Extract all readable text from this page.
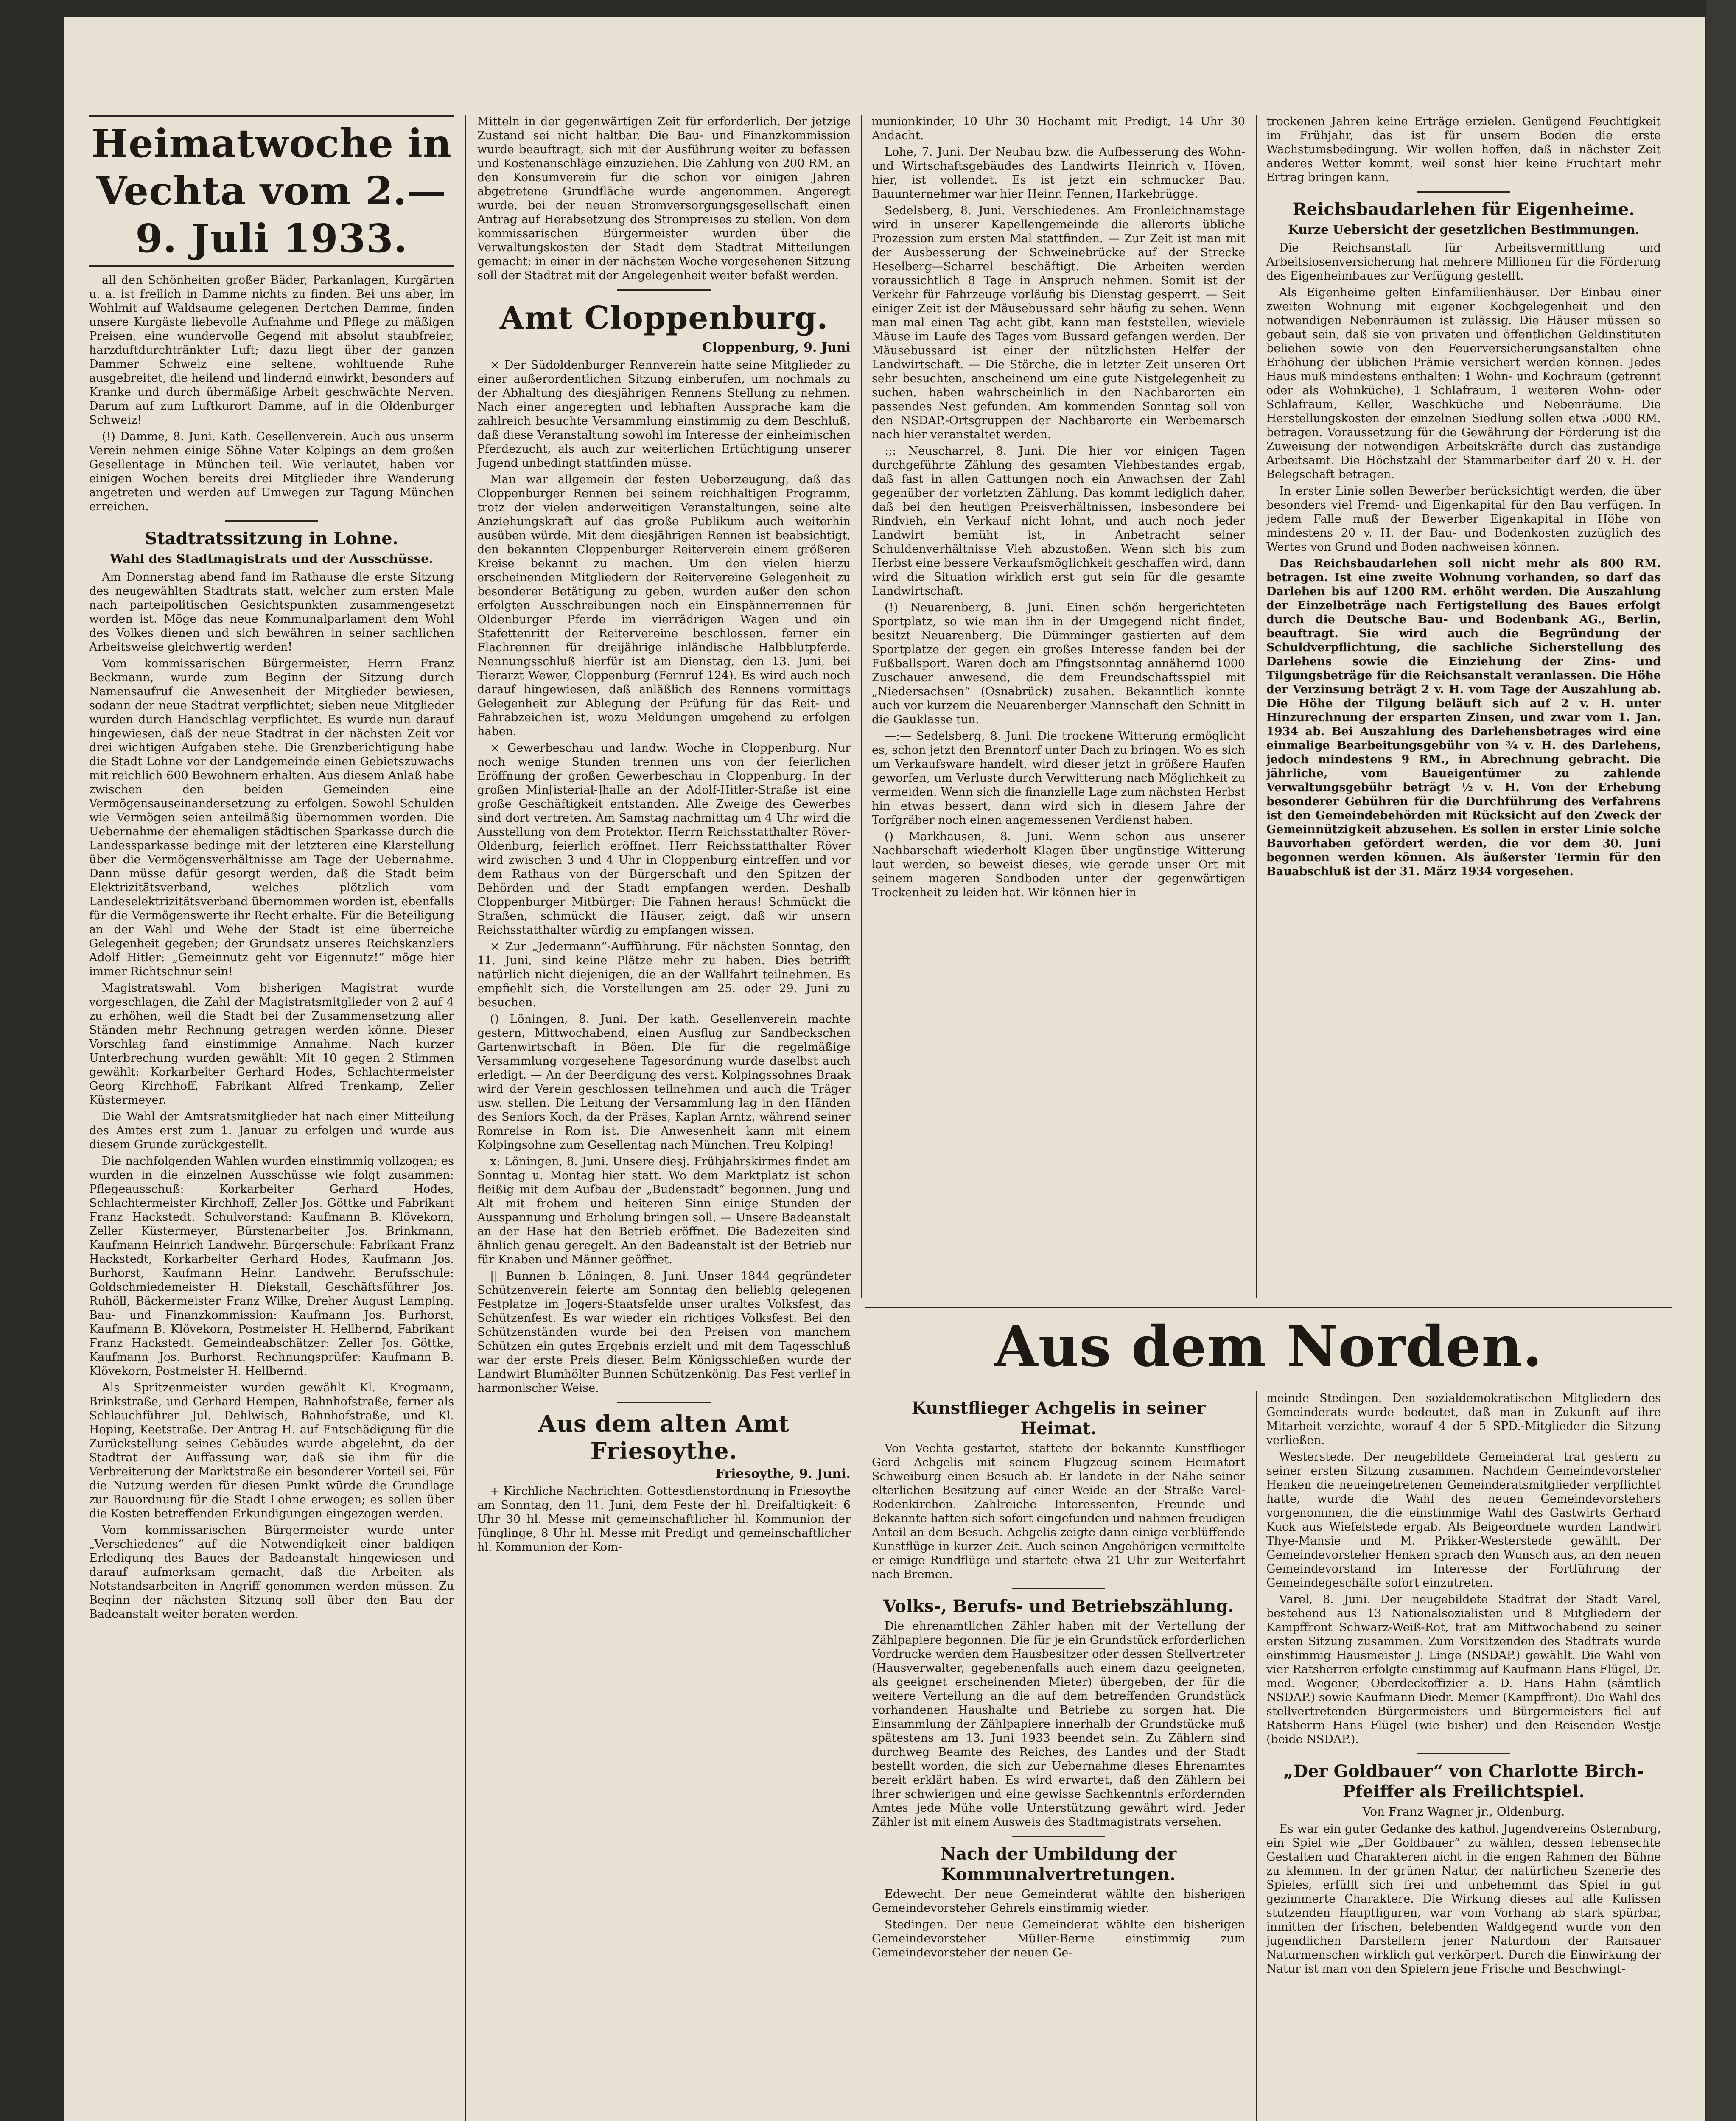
Heimatwoche in Vechta vom 2.—9. Juli 1933.

all den Schönheiten großer Bäder, Parkanlagen, Kurgärten u. a. ist freilich in Damme nichts zu finden. Bei uns aber, im Wohlmit auf Waldsaume gelegenen Dertchen Damme, finden unsere Kurgäste liebevolle Aufnahme und Pflege zu mäßigen Preisen, eine wundervolle Gegend mit absolut staubfreier, harzduftdurchtränkter Luft; dazu liegt über der ganzen Dammer Schweiz eine seltene, wohltuende Ruhe ausgebreitet, die heilend und lindernd einwirkt, besonders auf Kranke und durch übermäßige Arbeit geschwächte Nerven. Darum auf zum Luftkurort Damme, auf in die Oldenburger Schweiz!

(!) Damme, 8. Juni. Kath. Gesellenverein. Auch aus unserm Verein nehmen einige Söhne Vater Kolpings an dem großen Gesellentage in München teil. Wie verlautet, haben vor einigen Wochen bereits drei Mitglieder ihre Wanderung angetreten und werden auf Umwegen zur Tagung München erreichen.

Stadtratssitzung in Lohne.
Wahl des Stadtmagistrats und der Ausschüsse.

Am Donnerstag abend fand im Rathause die erste Sitzung des neugewählten Stadtrats statt, welcher zum ersten Male nach parteipolitischen Gesichtspunkten zusammengesetzt worden ist. Möge das neue Kommunalparlament dem Wohl des Volkes dienen und sich bewähren in seiner sachlichen Arbeitsweise gleichwertig werden!

Vom kommissarischen Bürgermeister, Herrn Franz Beckmann, wurde zum Beginn der Sitzung durch Namensaufruf die Anwesenheit der Mitglieder bewiesen, sodann der neue Stadtrat verpflichtet; sieben neue Mitglieder wurden durch Handschlag verpflichtet. Es wurde nun darauf hingewiesen, daß der neue Stadtrat in der nächsten Zeit vor drei wichtigen Aufgaben stehe. Die Grenzberichtigung habe die Stadt Lohne vor der Landgemeinde einen Gebietszuwachs mit reichlich 600 Bewohnern erhalten. Aus diesem Anlaß habe zwischen den beiden Gemeinden eine Vermögensauseinandersetzung zu erfolgen. Sowohl Schulden wie Vermögen seien anteilmäßig übernommen worden. Die Uebernahme der ehemaligen städtischen Sparkasse durch die Landessparkasse bedinge mit der letzteren eine Klarstellung über die Vermögensverhältnisse am Tage der Uebernahme. Dann müsse dafür gesorgt werden, daß die Stadt beim Elektrizitätsverband, welches plötzlich vom Landeselektrizitätsverband übernommen worden ist, ebenfalls für die Vermögenswerte ihr Recht erhalte. Für die Beteiligung an der Wahl und Wehe der Stadt ist eine überreiche Gelegenheit gegeben; der Grundsatz unseres Reichskanzlers Adolf Hitler: „Gemeinnutz geht vor Eigennutz!“ möge hier immer Richtschnur sein!

Magistratswahl. Vom bisherigen Magistrat wurde vorgeschlagen, die Zahl der Magistratsmitglieder von 2 auf 4 zu erhöhen, weil die Stadt bei der Zusammensetzung aller Ständen mehr Rechnung getragen werden könne. Dieser Vorschlag fand einstimmige Annahme. Nach kurzer Unterbrechung wurden gewählt: Mit 10 gegen 2 Stimmen gewählt: Korkarbeiter Gerhard Hodes, Schlachtermeister Georg Kirchhoff, Fabrikant Alfred Trenkamp, Zeller Küstermeyer.

Die Wahl der Amtsratsmitglieder hat nach einer Mitteilung des Amtes erst zum 1. Januar zu erfolgen und wurde aus diesem Grunde zurückgestellt.

Die nachfolgenden Wahlen wurden einstimmig vollzogen; es wurden in die einzelnen Ausschüsse wie folgt zusammen: Pflegeausschuß: Korkarbeiter Gerhard Hodes, Schlachtermeister Kirchhoff, Zeller Jos. Göttke und Fabrikant Franz Hackstedt. Schulvorstand: Kaufmann B. Klövekorn, Zeller Küstermeyer, Bürstenarbeiter Jos. Brinkmann, Kaufmann Heinrich Landwehr. Bürgerschule: Fabrikant Franz Hackstedt, Korkarbeiter Gerhard Hodes, Kaufmann Jos. Burhorst, Kaufmann Heinr. Landwehr. Berufsschule: Goldschmiedemeister H. Diekstall, Geschäftsführer Jos. Ruhöll, Bäckermeister Franz Wilke, Dreher August Lamping. Bau- und Finanzkommission: Kaufmann Jos. Burhorst, Kaufmann B. Klövekorn, Postmeister H. Hellbernd, Fabrikant Franz Hackstedt. Gemeindeabschätzer: Zeller Jos. Göttke, Kaufmann Jos. Burhorst. Rechnungsprüfer: Kaufmann B. Klövekorn, Postmeister H. Hellbernd.

Als Spritzenmeister wurden gewählt Kl. Krogmann, Brinkstraße, und Gerhard Hempen, Bahnhofstraße, ferner als Schlauchführer Jul. Dehlwisch, Bahnhofstraße, und Kl. Hoping, Keetstraße. Der Antrag H. auf Entschädigung für die Zurückstellung seines Gebäudes wurde abgelehnt, da der Stadtrat der Auffassung war, daß sie ihm für die Verbreiterung der Marktstraße ein besonderer Vorteil sei. Für die Nutzung werden für diesen Punkt würde die Grundlage zur Bauordnung für die Stadt Lohne erwogen; es sollen über die Kosten betreffenden Erkundigungen eingezogen werden.

Vom kommissarischen Bürgermeister wurde unter „Verschiedenes“ auf die Notwendigkeit einer baldigen Erledigung des Baues der Badeanstalt hingewiesen und darauf aufmerksam gemacht, daß die Arbeiten als Notstandsarbeiten in Angriff genommen werden müssen. Zu Beginn der nächsten Sitzung soll über den Bau der Badeanstalt weiter beraten werden.

Mitteln in der gegenwärtigen Zeit für erforderlich. Der jetzige Zustand sei nicht haltbar. Die Bau- und Finanzkommission wurde beauftragt, sich mit der Ausführung weiter zu befassen und Kostenanschläge einzuziehen. Die Zahlung von 200 RM. an den Konsumverein für die schon vor einigen Jahren abgetretene Grundfläche wurde angenommen. Angeregt wurde, bei der neuen Stromversorgungsgesellschaft einen Antrag auf Herabsetzung des Strompreises zu stellen. Von dem kommissarischen Bürgermeister wurden über die Verwaltungskosten der Stadt dem Stadtrat Mitteilungen gemacht; in einer in der nächsten Woche vorgesehenen Sitzung soll der Stadtrat mit der Angelegenheit weiter befaßt werden.

Amt Cloppenburg.
Cloppenburg, 9. Juni

× Der Südoldenburger Rennverein hatte seine Mitglieder zu einer außerordentlichen Sitzung einberufen, um nochmals zu der Abhaltung des diesjährigen Rennens Stellung zu nehmen. Nach einer angeregten und lebhaften Aussprache kam die zahlreich besuchte Versammlung einstimmig zu dem Beschluß, daß diese Veranstaltung sowohl im Interesse der einheimischen Pferdezucht, als auch zur weiterlichen Ertüchtigung unserer Jugend unbedingt stattfinden müsse.

Man war allgemein der festen Ueberzeugung, daß das Cloppenburger Rennen bei seinem reichhaltigen Programm, trotz der vielen anderweitigen Veranstaltungen, seine alte Anziehungskraft auf das große Publikum auch weiterhin ausüben würde. Mit dem diesjährigen Rennen ist beabsichtigt, den bekannten Cloppenburger Reiterverein einem größeren Kreise bekannt zu machen. Um den vielen hierzu erscheinenden Mitgliedern der Reitervereine Gelegenheit zu besonderer Betätigung zu geben, wurden außer den schon erfolgten Ausschreibungen noch ein Einspännerrennen für Oldenburger Pferde im vierrädrigen Wagen und ein Stafettenritt der Reitervereine beschlossen, ferner ein Flachrennen für dreijährige inländische Halbblutpferde. Nennungsschluß hierfür ist am Dienstag, den 13. Juni, bei Tierarzt Wewer, Cloppenburg (Fernruf 124). Es wird auch noch darauf hingewiesen, daß anläßlich des Rennens vormittags Gelegenheit zur Ablegung der Prüfung für das Reit- und Fahrabzeichen ist, wozu Meldungen umgehend zu erfolgen haben.

× Gewerbeschau und landw. Woche in Cloppenburg. Nur noch wenige Stunden trennen uns von der feierlichen Eröffnung der großen Gewerbeschau in Cloppenburg. In der großen Min[isterial-]halle an der Adolf-Hitler-Straße ist eine große Geschäftigkeit entstanden. Alle Zweige des Gewerbes sind dort vertreten. Am Samstag nachmittag um 4 Uhr wird die Ausstellung von dem Protektor, Herrn Reichsstatthalter Röver-Oldenburg, feierlich eröffnet. Herr Reichsstatthalter Röver wird zwischen 3 und 4 Uhr in Cloppenburg eintreffen und vor dem Rathaus von der Bürgerschaft und den Spitzen der Behörden und der Stadt empfangen werden. Deshalb Cloppenburger Mitbürger: Die Fahnen heraus! Schmückt die Straßen, schmückt die Häuser, zeigt, daß wir unsern Reichsstatthalter würdig zu empfangen wissen.

× Zur „Jedermann“-Aufführung. Für nächsten Sonntag, den 11. Juni, sind keine Plätze mehr zu haben. Dies betrifft natürlich nicht diejenigen, die an der Wallfahrt teilnehmen. Es empfiehlt sich, die Vorstellungen am 25. oder 29. Juni zu besuchen.

() Löningen, 8. Juni. Der kath. Gesellenverein machte gestern, Mittwochabend, einen Ausflug zur Sandbeckschen Gartenwirtschaft in Böen. Die für die regelmäßige Versammlung vorgesehene Tagesordnung wurde daselbst auch erledigt. — An der Beerdigung des verst. Kolpingssohnes Braak wird der Verein geschlossen teilnehmen und auch die Träger usw. stellen. Die Leitung der Versammlung lag in den Händen des Seniors Koch, da der Präses, Kaplan Arntz, während seiner Romreise in Rom ist. Die Anwesenheit kann mit einem Kolpingsohne zum Gesellentag nach München. Treu Kolping!

x: Löningen, 8. Juni. Unsere diesj. Frühjahrskirmes findet am Sonntag u. Montag hier statt. Wo dem Marktplatz ist schon fleißig mit dem Aufbau der „Budenstadt“ begonnen. Jung und Alt mit frohem und heiteren Sinn einige Stunden der Ausspannung und Erholung bringen soll. — Unsere Badeanstalt an der Hase hat den Betrieb eröffnet. Die Badezeiten sind ähnlich genau geregelt. An den Badeanstalt ist der Betrieb nur für Knaben und Männer geöffnet.

|| Bunnen b. Löningen, 8. Juni. Unser 1844 gegründeter Schützenverein feierte am Sonntag den beliebig gelegenen Festplatze im Jogers-Staatsfelde unser uraltes Volksfest, das Schützenfest. Es war wieder ein richtiges Volksfest. Bei den Schützenständen wurde bei den Preisen von manchem Schützen ein gutes Ergebnis erzielt und mit dem Tagesschluß war der erste Preis dieser. Beim Königsschießen wurde der Landwirt Blumhölter Bunnen Schützenkönig. Das Fest verlief in harmonischer Weise.

Aus dem alten Amt Friesoythe.
Friesoythe, 9. Juni.

+ Kirchliche Nachrichten. Gottesdienstordnung in Friesoythe am Sonntag, den 11. Juni, dem Feste der hl. Dreifaltigkeit: 6 Uhr 30 hl. Messe mit gemeinschaftlicher hl. Kommunion der Jünglinge, 8 Uhr hl. Messe mit Predigt und gemeinschaftlicher hl. Kommunion der Kom-

munionkinder, 10 Uhr 30 Hochamt mit Predigt, 14 Uhr 30 Andacht.

Lohe, 7. Juni. Der Neubau bzw. die Aufbesserung des Wohn- und Wirtschaftsgebäudes des Landwirts Heinrich v. Höven, hier, ist vollendet. Es ist jetzt ein schmucker Bau. Bauunternehmer war hier Heinr. Fennen, Harkebrügge.

Sedelsberg, 8. Juni. Verschiedenes. Am Fronleichnamstage wird in unserer Kapellengemeinde die allerorts übliche Prozession zum ersten Mal stattfinden. — Zur Zeit ist man mit der Ausbesserung der Schweinebrücke auf der Strecke Heselberg—Scharrel beschäftigt. Die Arbeiten werden voraussichtlich 8 Tage in Anspruch nehmen. Somit ist der Verkehr für Fahrzeuge vorläufig bis Dienstag gesperrt. — Seit einiger Zeit ist der Mäusebussard sehr häufig zu sehen. Wenn man mal einen Tag acht gibt, kann man feststellen, wieviele Mäuse im Laufe des Tages vom Bussard gefangen werden. Der Mäusebussard ist einer der nützlichsten Helfer der Landwirtschaft. — Die Störche, die in letzter Zeit unseren Ort sehr besuchten, anscheinend um eine gute Nistgelegenheit zu suchen, haben wahrscheinlich in den Nachbarorten ein passendes Nest gefunden. Am kommenden Sonntag soll von den NSDAP.-Ortsgruppen der Nachbarorte ein Werbemarsch nach hier veranstaltet werden.

:;: Neuscharrel, 8. Juni. Die hier vor einigen Tagen durchgeführte Zählung des gesamten Viehbestandes ergab, daß fast in allen Gattungen noch ein Anwachsen der Zahl gegenüber der vorletzten Zählung. Das kommt lediglich daher, daß bei den heutigen Preisverhältnissen, insbesondere bei Rindvieh, ein Verkauf nicht lohnt, und auch noch jeder Landwirt bemüht ist, in Anbetracht seiner Schuldenverhältnisse Vieh abzustoßen. Wenn sich bis zum Herbst eine bessere Verkaufsmöglichkeit geschaffen wird, dann wird die Situation wirklich erst gut sein für die gesamte Landwirtschaft.

(!) Neuarenberg, 8. Juni. Einen schön hergerichteten Sportplatz, so wie man ihn in der Umgegend nicht findet, besitzt Neuarenberg. Die Dümminger gastierten auf dem Sportplatze der gegen ein großes Interesse fanden bei der Fußballsport. Waren doch am Pfingstsonntag annähernd 1000 Zuschauer anwesend, die dem Freundschaftsspiel mit „Niedersachsen“ (Osnabrück) zusahen. Bekanntlich konnte auch vor kurzem die Neuarenberger Mannschaft den Schnitt in die Gauklasse tun.

—:— Sedelsberg, 8. Juni. Die trockene Witterung ermöglicht es, schon jetzt den Brenntorf unter Dach zu bringen. Wo es sich um Verkaufsware handelt, wird dieser jetzt in größere Haufen geworfen, um Verluste durch Verwitterung nach Möglichkeit zu vermeiden. Wenn sich die finanzielle Lage zum nächsten Herbst hin etwas bessert, dann wird sich in diesem Jahre der Torfgräber noch einen angemessenen Verdienst haben.

() Markhausen, 8. Juni. Wenn schon aus unserer Nachbarschaft wiederholt Klagen über ungünstige Witterung laut werden, so beweist dieses, wie gerade unser Ort mit seinem mageren Sandboden unter der gegenwärtigen Trockenheit zu leiden hat. Wir können hier in

trockenen Jahren keine Erträge erzielen. Genügend Feuchtigkeit im Frühjahr, das ist für unsern Boden die erste Wachstumsbedingung. Wir wollen hoffen, daß in nächster Zeit anderes Wetter kommt, weil sonst hier keine Fruchtart mehr Ertrag bringen kann.

Reichsbaudarlehen für Eigenheime.
Kurze Uebersicht der gesetzlichen Bestimmungen.

Die Reichsanstalt für Arbeitsvermittlung und Arbeitslosenversicherung hat mehrere Millionen für die Förderung des Eigenheimbaues zur Verfügung gestellt.

Als Eigenheime gelten Einfamilienhäuser. Der Einbau einer zweiten Wohnung mit eigener Kochgelegenheit und den notwendigen Nebenräumen ist zulässig. Die Häuser müssen so gebaut sein, daß sie von privaten und öffentlichen Geldinstituten beliehen sowie von den Feuerversicherungsanstalten ohne Erhöhung der üblichen Prämie versichert werden können. Jedes Haus muß mindestens enthalten: 1 Wohn- und Kochraum (getrennt oder als Wohnküche), 1 Schlafraum, 1 weiteren Wohn- oder Schlafraum, Keller, Waschküche und Nebenräume. Die Herstellungskosten der einzelnen Siedlung sollen etwa 5000 RM. betragen. Voraussetzung für die Gewährung der Förderung ist die Zuweisung der notwendigen Arbeitskräfte durch das zuständige Arbeitsamt. Die Höchstzahl der Stammarbeiter darf 20 v. H. der Belegschaft betragen.

In erster Linie sollen Bewerber berücksichtigt werden, die über besonders viel Fremd- und Eigenkapital für den Bau verfügen. In jedem Falle muß der Bewerber Eigenkapital in Höhe von mindestens 20 v. H. der Bau- und Bodenkosten zuzüglich des Wertes von Grund und Boden nachweisen können.

Das Reichsbaudarlehen soll nicht mehr als 800 RM. betragen. Ist eine zweite Wohnung vorhanden, so darf das Darlehen bis auf 1200 RM. erhöht werden. Die Auszahlung der Einzelbeträge nach Fertigstellung des Baues erfolgt durch die Deutsche Bau- und Bodenbank AG., Berlin, beauftragt. Sie wird auch die Begründung der Schuldverpflichtung, die sachliche Sicherstellung des Darlehens sowie die Einziehung der Zins- und Tilgungsbeträge für die Reichsanstalt veranlassen. Die Höhe der Verzinsung beträgt 2 v. H. vom Tage der Auszahlung ab. Die Höhe der Tilgung beläuft sich auf 2 v. H. unter Hinzurechnung der ersparten Zinsen, und zwar vom 1. Jan. 1934 ab. Bei Auszahlung des Darlehensbetrages wird eine einmalige Bearbeitungsgebühr von ¾ v. H. des Darlehens, jedoch mindestens 9 RM., in Abrechnung gebracht. Die jährliche, vom Baueigentümer zu zahlende Verwaltungsgebühr beträgt ½ v. H. Von der Erhebung besonderer Gebühren für die Durchführung des Verfahrens ist den Gemeindebehörden mit Rücksicht auf den Zweck der Gemeinnützigkeit abzusehen. Es sollen in erster Linie solche Bauvorhaben gefördert werden, die vor dem 30. Juni begonnen werden können. Als äußerster Termin für den Bauabschluß ist der 31. März 1934 vorgesehen.

Aus dem Norden.
Kunstflieger Achgelis in seiner Heimat.

Von Vechta gestartet, stattete der bekannte Kunstflieger Gerd Achgelis mit seinem Flugzeug seinem Heimatort Schweiburg einen Besuch ab. Er landete in der Nähe seiner elterlichen Besitzung auf einer Weide an der Straße Varel-Rodenkirchen. Zahlreiche Interessenten, Freunde und Bekannte hatten sich sofort eingefunden und nahmen freudigen Anteil an dem Besuch. Achgelis zeigte dann einige verblüffende Kunstflüge in kurzer Zeit. Auch seinen Angehörigen vermittelte er einige Rundflüge und startete etwa 21 Uhr zur Weiterfahrt nach Bremen.

Volks-, Berufs- und Betriebszählung.

Die ehrenamtlichen Zähler haben mit der Verteilung der Zählpapiere begonnen. Die für je ein Grundstück erforderlichen Vordrucke werden dem Hausbesitzer oder dessen Stellvertreter (Hausverwalter, gegebenenfalls auch einem dazu geeigneten, als geeignet erscheinenden Mieter) übergeben, der für die weitere Verteilung an die auf dem betreffenden Grundstück vorhandenen Haushalte und Betriebe zu sorgen hat. Die Einsammlung der Zählpapiere innerhalb der Grundstücke muß spätestens am 13. Juni 1933 beendet sein. Zu Zählern sind durchweg Beamte des Reiches, des Landes und der Stadt bestellt worden, die sich zur Uebernahme dieses Ehrenamtes bereit erklärt haben. Es wird erwartet, daß den Zählern bei ihrer schwierigen und eine gewisse Sachkenntnis erfordernden Amtes jede Mühe volle Unterstützung gewährt wird. Jeder Zähler ist mit einem Ausweis des Stadtmagistrats versehen.

Nach der Umbildung der Kommunalvertretungen.

Edewecht. Der neue Gemeinderat wählte den bisherigen Gemeindevorsteher Gehrels einstimmig wieder.

Stedingen. Der neue Gemeinderat wählte den bisherigen Gemeindevorsteher Müller-Berne einstimmig zum Gemeindevorsteher der neuen Ge-

meinde Stedingen. Den sozialdemokratischen Mitgliedern des Gemeinderats wurde bedeutet, daß man in Zukunft auf ihre Mitarbeit verzichte, worauf 4 der 5 SPD.-Mitglieder die Sitzung verließen.

Westerstede. Der neugebildete Gemeinderat trat gestern zu seiner ersten Sitzung zusammen. Nachdem Gemeindevorsteher Henken die neueingetretenen Gemeinderatsmitglieder verpflichtet hatte, wurde die Wahl des neuen Gemeindevorstehers vorgenommen, die die einstimmige Wahl des Gastwirts Gerhard Kuck aus Wiefelstede ergab. Als Beigeordnete wurden Landwirt Thye-Mansie und M. Prikker-Westerstede gewählt. Der Gemeindevorsteher Henken sprach den Wunsch aus, an den neuen Gemeindevorstand im Interesse der Fortführung der Gemeindegeschäfte sofort einzutreten.

Varel, 8. Juni. Der neugebildete Stadtrat der Stadt Varel, bestehend aus 13 Nationalsozialisten und 8 Mitgliedern der Kampffront Schwarz-Weiß-Rot, trat am Mittwochabend zu seiner ersten Sitzung zusammen. Zum Vorsitzenden des Stadtrats wurde einstimmig Hausmeister J. Linge (NSDAP.) gewählt. Die Wahl von vier Ratsherren erfolgte einstimmig auf Kaufmann Hans Flügel, Dr. med. Wegener, Oberdeckoffizier a. D. Hans Hahn (sämtlich NSDAP.) sowie Kaufmann Diedr. Memer (Kampffront). Die Wahl des stellvertretenden Bürgermeisters und Bürgermeisters fiel auf Ratsherrn Hans Flügel (wie bisher) und den Reisenden Westje (beide NSDAP.).

„Der Goldbauer“ von Charlotte Birch-Pfeiffer als Freilichtspiel.
Von Franz Wagner jr., Oldenburg.

Es war ein guter Gedanke des kathol. Jugendvereins Osternburg, ein Spiel wie „Der Goldbauer“ zu wählen, dessen lebensechte Gestalten und Charakteren nicht in die engen Rahmen der Bühne zu klemmen. In der grünen Natur, der natürlichen Szenerie des Spieles, erfüllt sich frei und unbehemmt das Spiel in gut gezimmerte Charaktere. Die Wirkung dieses auf alle Kulissen stutzenden Hauptfiguren, war vom Vorhang ab stark spürbar, inmitten der frischen, belebenden Waldgegend wurde von den jugendlichen Darstellern jener Naturdom der Ransauer Naturmenschen wirklich gut verkörpert. Durch die Einwirkung der Natur ist man von den Spielern jene Frische und Beschwingt-
